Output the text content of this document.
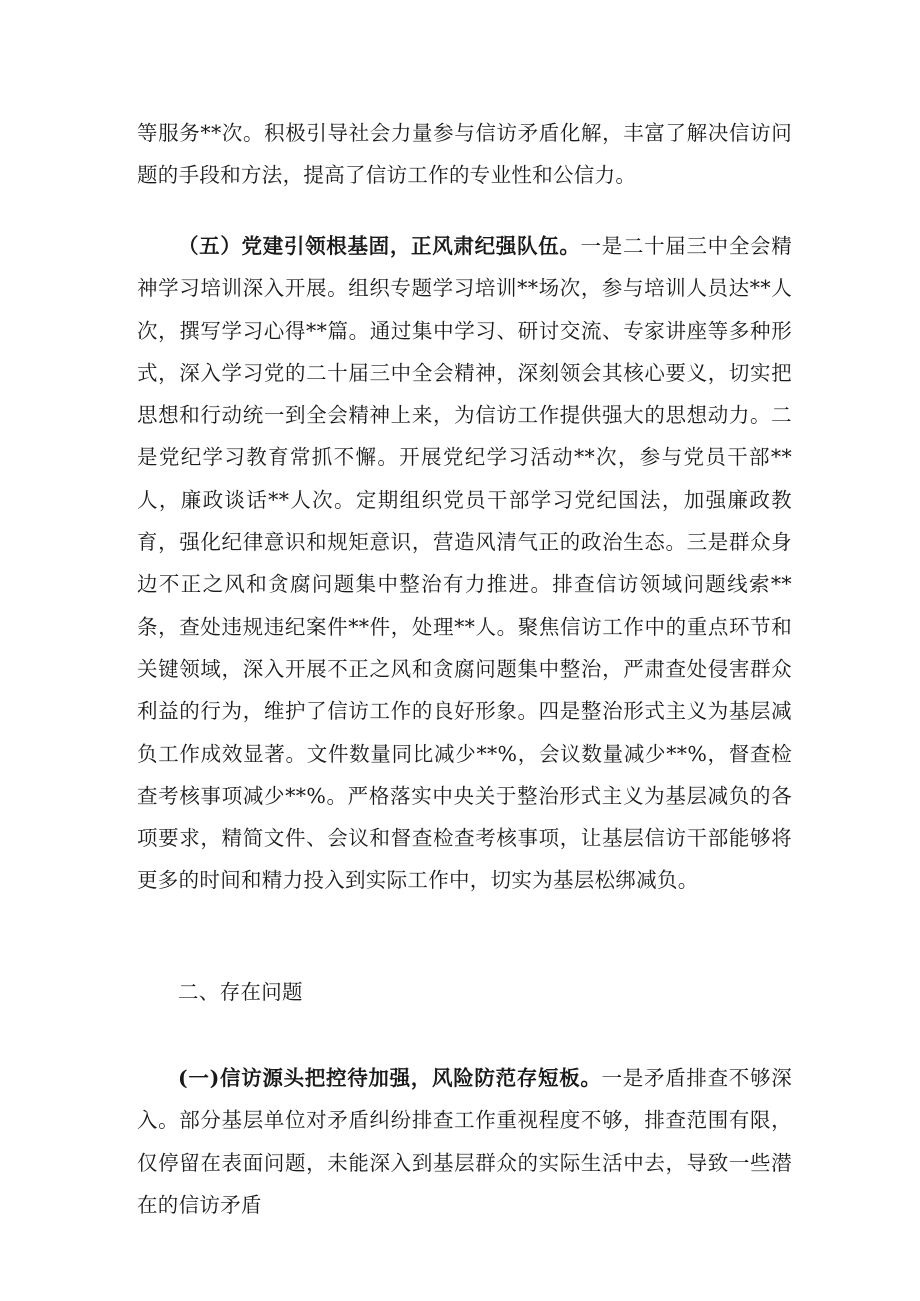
等服务**次。积极引导社会力量参与信访矛盾化解，丰富了解决信访问题的手段和方法，提高了信访工作的专业性和公信力。

（五）党建引领根基固，正风肃纪强队伍。一是二十届三中全会精神学习培训深入开展。组织专题学习培训**场次，参与培训人员达**人次，撰写学习心得**篇。通过集中学习、研讨交流、专家讲座等多种形式，深入学习党的二十届三中全会精神，深刻领会其核心要义，切实把思想和行动统一到全会精神上来，为信访工作提供强大的思想动力。二是党纪学习教育常抓不懈。开展党纪学习活动**次，参与党员干部**人，廉政谈话**人次。定期组织党员干部学习党纪国法，加强廉政教育，强化纪律意识和规矩意识，营造风清气正的政治生态。三是群众身边不正之风和贪腐问题集中整治有力推进。排查信访领域问题线索**条，查处违规违纪案件**件，处理**人。聚焦信访工作中的重点环节和关键领域，深入开展不正之风和贪腐问题集中整治，严肃查处侵害群众利益的行为，维护了信访工作的良好形象。四是整治形式主义为基层减负工作成效显著。文件数量同比减少**%，会议数量减少**%，督查检查考核事项减少**%。严格落实中央关于整治形式主义为基层减负的各项要求，精简文件、会议和督查检查考核事项，让基层信访干部能够将更多的时间和精力投入到实际工作中，切实为基层松绑减负。

二、存在问题

(一)信访源头把控待加强，风险防范存短板。一是矛盾排查不够深入。部分基层单位对矛盾纠纷排查工作重视程度不够，排查范围有限，仅停留在表面问题，未能深入到基层群众的实际生活中去，导致一些潜在的信访矛盾
